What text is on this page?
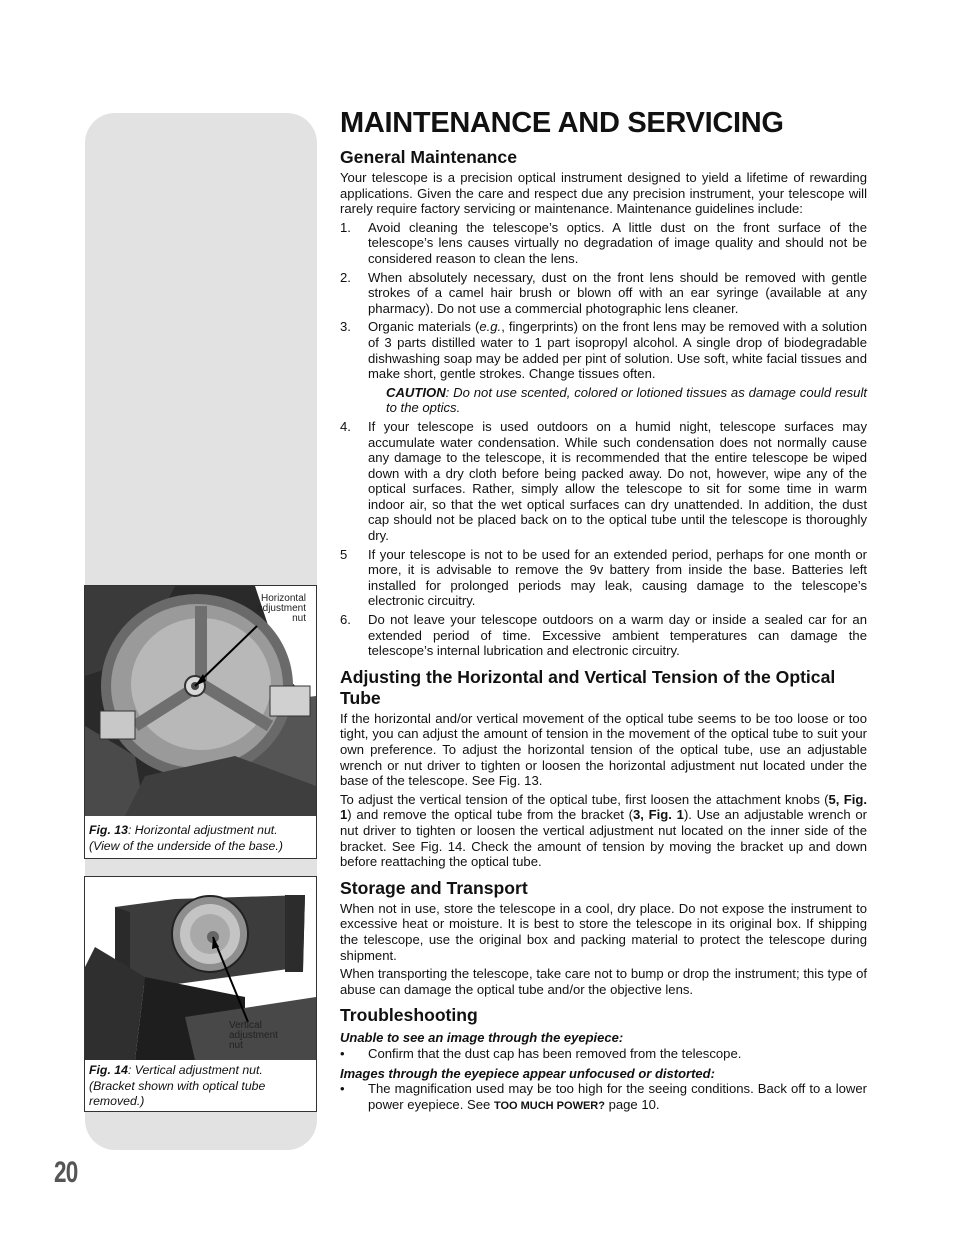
Horizontal adjustment nut
Fig. 13: Horizontal adjustment nut. (View of the underside of the base.)
Vertical adjustment nut
Fig. 14: Vertical adjustment nut. (Bracket shown with optical tube removed.)
20
MAINTENANCE AND SERVICING
General Maintenance

Your telescope is a precision optical instrument designed to yield a lifetime of rewarding applications. Given the care and respect due any precision instrument, your telescope will rarely require factory servicing or maintenance. Maintenance guidelines include:

1. Avoid cleaning the telescope’s optics. A little dust on the front surface of the telescope’s lens causes virtually no degradation of image quality and should not be considered reason to clean the lens.
2. When absolutely necessary, dust on the front lens should be removed with gentle strokes of a camel hair brush or blown off with an ear syringe (available at any pharmacy). Do not use a commercial photographic lens cleaner.
3. Organic materials (e.g., fingerprints) on the front lens may be removed with a solution of 3 parts distilled water to 1 part isopropyl alcohol. A single drop of biodegradable dishwashing soap may be added per pint of solution. Use soft, white facial tissues and make short, gentle strokes. Change tissues often.
CAUTION: Do not use scented, colored or lotioned tissues as damage could result to the optics.
4. If your telescope is used outdoors on a humid night, telescope surfaces may accumulate water condensation. While such condensation does not normally cause any damage to the telescope, it is recommended that the entire telescope be wiped down with a dry cloth before being packed away. Do not, however, wipe any of the optical surfaces. Rather, simply allow the telescope to sit for some time in warm indoor air, so that the wet optical surfaces can dry unattended. In addition, the dust cap should not be placed back on to the optical tube until the telescope is thoroughly dry.
5 If your telescope is not to be used for an extended period, perhaps for one month or more, it is advisable to remove the 9v battery from inside the base. Batteries left installed for prolonged periods may leak, causing damage to the telescope’s electronic circuitry.
6. Do not leave your telescope outdoors on a warm day or inside a sealed car for an extended period of time. Excessive ambient temperatures can damage the telescope’s internal lubrication and electronic circuitry.
Adjusting the Horizontal and Vertical Tension of the Optical Tube

If the horizontal and/or vertical movement of the optical tube seems to be too loose or too tight, you can adjust the amount of tension in the movement of the optical tube to suit your own preference. To adjust the horizontal tension of the optical tube, use an adjustable wrench or nut driver to tighten or loosen the horizontal adjustment nut located under the base of the telescope. See Fig. 13.

To adjust the vertical tension of the optical tube, first loosen the attachment knobs (5, Fig. 1) and remove the optical tube from the bracket (3, Fig. 1). Use an adjustable wrench or nut driver to tighten or loosen the vertical adjustment nut located on the inner side of the bracket. See Fig. 14. Check the amount of tension by moving the bracket up and down before reattaching the optical tube.

Storage and Transport

When not in use, store the telescope in a cool, dry place. Do not expose the instrument to excessive heat or moisture. It is best to store the telescope in its original box. If shipping the telescope, use the original box and packing material to protect the telescope during shipment.

When transporting the telescope, take care not to bump or drop the instrument; this type of abuse can damage the optical tube and/or the objective lens.

Troubleshooting
Unable to see an image through the eyepiece:
• Confirm that the dust cap has been removed from the telescope.
Images through the eyepiece appear unfocused or distorted:
• The magnification used may be too high for the seeing conditions. Back off to a lower power eyepiece. See TOO MUCH POWER? page 10.
